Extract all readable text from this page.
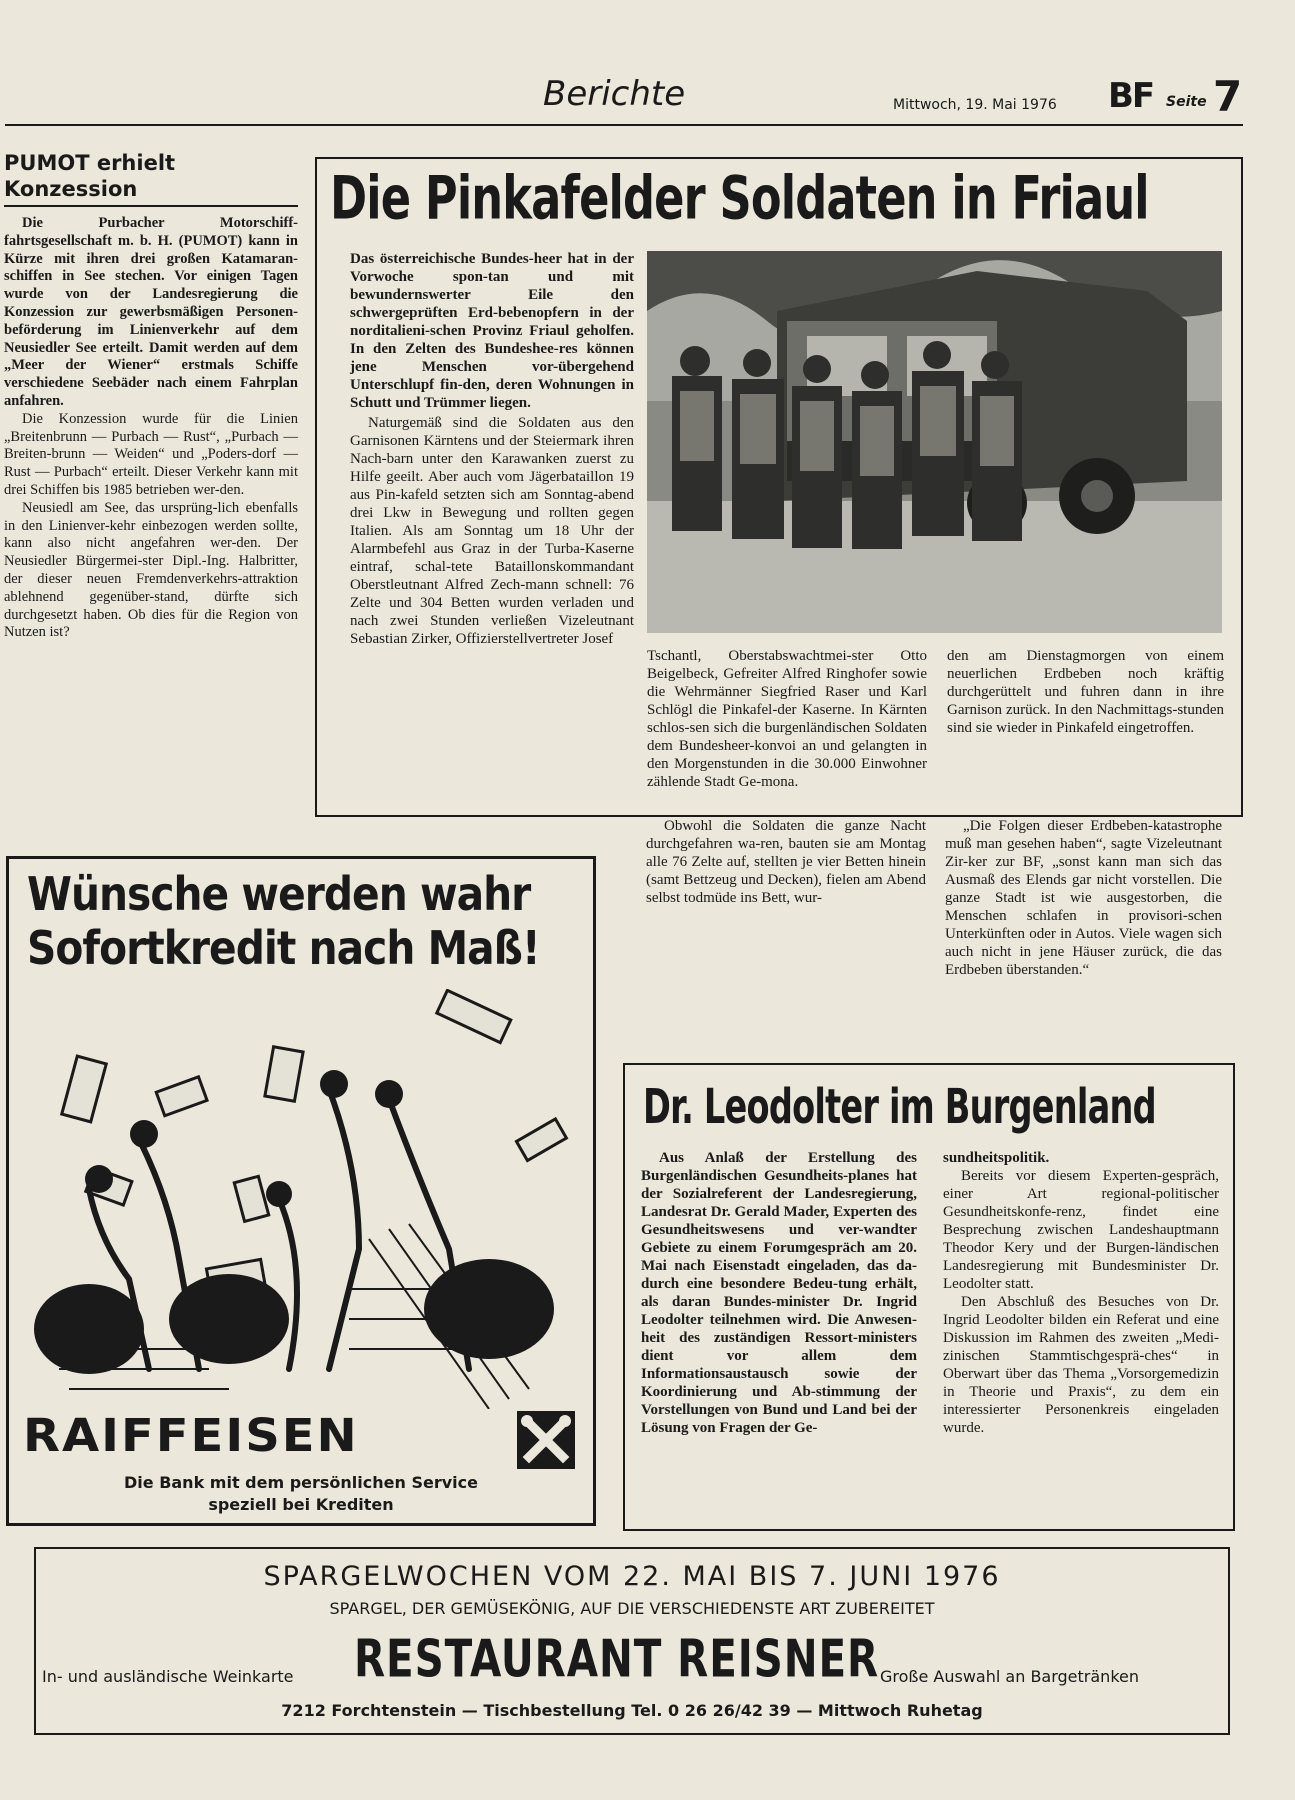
Berichte	Mittwoch, 19. Mai 1976 BF Seite 7
PUMOT erhielt
Konzession

Die Purbacher Motorschiff-fahrtsgesellschaft m. b. H. (PUMOT) kann in Kürze mit ihren drei großen Katamaran-schiffen in See stechen. Vor einigen Tagen wurde von der Landesregierung die Konzession zur gewerbsmäßigen Personen-beförderung im Linienverkehr auf dem Neusiedler See erteilt. Damit werden auf dem „Meer der Wiener“ erstmals Schiffe verschiedene Seebäder nach einem Fahrplan anfahren.

Die Konzession wurde für die Linien „Breitenbrunn — Purbach — Rust“, „Purbach — Breiten-brunn — Weiden“ und „Poders-dorf — Rust — Purbach“ erteilt. Dieser Verkehr kann mit drei Schiffen bis 1985 betrieben wer-den.

Neusiedl am See, das ursprüng-lich ebenfalls in den Linienver-kehr einbezogen werden sollte, kann also nicht angefahren wer-den. Der Neusiedler Bürgermei-ster Dipl.-Ing. Halbritter, der dieser neuen Fremdenverkehrs-attraktion ablehnend gegenüber-stand, dürfte sich durchgesetzt haben. Ob dies für die Region von Nutzen ist?

Die Pinkafelder Soldaten in Friaul

Das österreichische Bundes-heer hat in der Vorwoche spon-tan und mit bewundernswerter Eile den schwergeprüften Erd-bebenopfern in der norditalieni-schen Provinz Friaul geholfen. In den Zelten des Bundeshee-res können jene Menschen vor-übergehend Unterschlupf fin-den, deren Wohnungen in Schutt und Trümmer liegen.

Naturgemäß sind die Soldaten aus den Garnisonen Kärntens und der Steiermark ihren Nach-barn unter den Karawanken zuerst zu Hilfe geeilt. Aber auch vom Jägerbataillon 19 aus Pin-kafeld setzten sich am Sonntag-abend drei Lkw in Bewegung und rollten gegen Italien. Als am Sonntag um 18 Uhr der Alarmbefehl aus Graz in der Turba-Kaserne eintraf, schal-tete Bataillonskommandant Oberstleutnant Alfred Zech-mann schnell: 76 Zelte und 304 Betten wurden verladen und nach zwei Stunden verließen Vizeleutnant Sebastian Zirker, Offizierstellvertreter Josef

Tschantl, Oberstabswachtmei-ster Otto Beigelbeck, Gefreiter Alfred Ringhofer sowie die Wehrmänner Siegfried Raser und Karl Schlögl die Pinkafel-der Kaserne. In Kärnten schlos-sen sich die burgenländischen Soldaten dem Bundesheer-konvoi an und gelangten in den Morgenstunden in die 30.000 Einwohner zählende Stadt Ge-mona.

den am Dienstagmorgen von einem neuerlichen Erdbeben noch kräftig durchgerüttelt und fuhren dann in ihre Garnison zurück. In den Nachmittags-stunden sind sie wieder in Pinkafeld eingetroffen.

Obwohl die Soldaten die ganze Nacht durchgefahren wa-ren, bauten sie am Montag alle 76 Zelte auf, stellten je vier Betten hinein (samt Bettzeug und Decken), fielen am Abend selbst todmüde ins Bett, wur-

„Die Folgen dieser Erdbeben-katastrophe muß man gesehen haben“, sagte Vizeleutnant Zir-ker zur BF, „sonst kann man sich das Ausmaß des Elends gar nicht vorstellen. Die ganze Stadt ist wie ausgestorben, die Menschen schlafen in provisori-schen Unterkünften oder in Autos. Viele wagen sich auch nicht in jene Häuser zurück, die das Erdbeben überstanden.“

Wünsche werden wahr
Sofortkredit nach Maß!
RAIFFEISEN
Die Bank mit dem persönlichen Service
speziell bei Krediten
Dr. Leodolter im Burgenland

Aus Anlaß der Erstellung des Burgenländischen Gesundheits-planes hat der Sozialreferent der Landesregierung, Landesrat Dr. Gerald Mader, Experten des Gesundheitswesens und ver-wandter Gebiete zu einem Forumgespräch am 20. Mai nach Eisenstadt eingeladen, das da-durch eine besondere Bedeu-tung erhält, als daran Bundes-minister Dr. Ingrid Leodolter teilnehmen wird. Die Anwesen-heit des zuständigen Ressort-ministers dient vor allem dem Informationsaustausch sowie der Koordinierung und Ab-stimmung der Vorstellungen von Bund und Land bei der Lösung von Fragen der Ge-

sundheitspolitik.

Bereits vor diesem Experten-gespräch, einer Art regional-politischer Gesundheitskonfe-renz, findet eine Besprechung zwischen Landeshauptmann Theodor Kery und der Burgen-ländischen Landesregierung mit Bundesminister Dr. Leodolter statt.

Den Abschluß des Besuches von Dr. Ingrid Leodolter bilden ein Referat und eine Diskussion im Rahmen des zweiten „Medi-zinischen Stammtischgesprä-ches“ in Oberwart über das Thema „Vorsorgemedizin in Theorie und Praxis“, zu dem ein interessierter Personenkreis eingeladen wurde.

SPARGELWOCHEN VOM 22. MAI BIS 7. JUNI 1976
SPARGEL, DER GEMÜSEKÖNIG, AUF DIE VERSCHIEDENSTE ART ZUBEREITET
In- und ausländische Weinkarte RESTAURANT REISNER Große Auswahl an Bargetränken
7212 Forchtenstein — Tischbestellung Tel. 0 26 26/42 39 — Mittwoch Ruhetag
